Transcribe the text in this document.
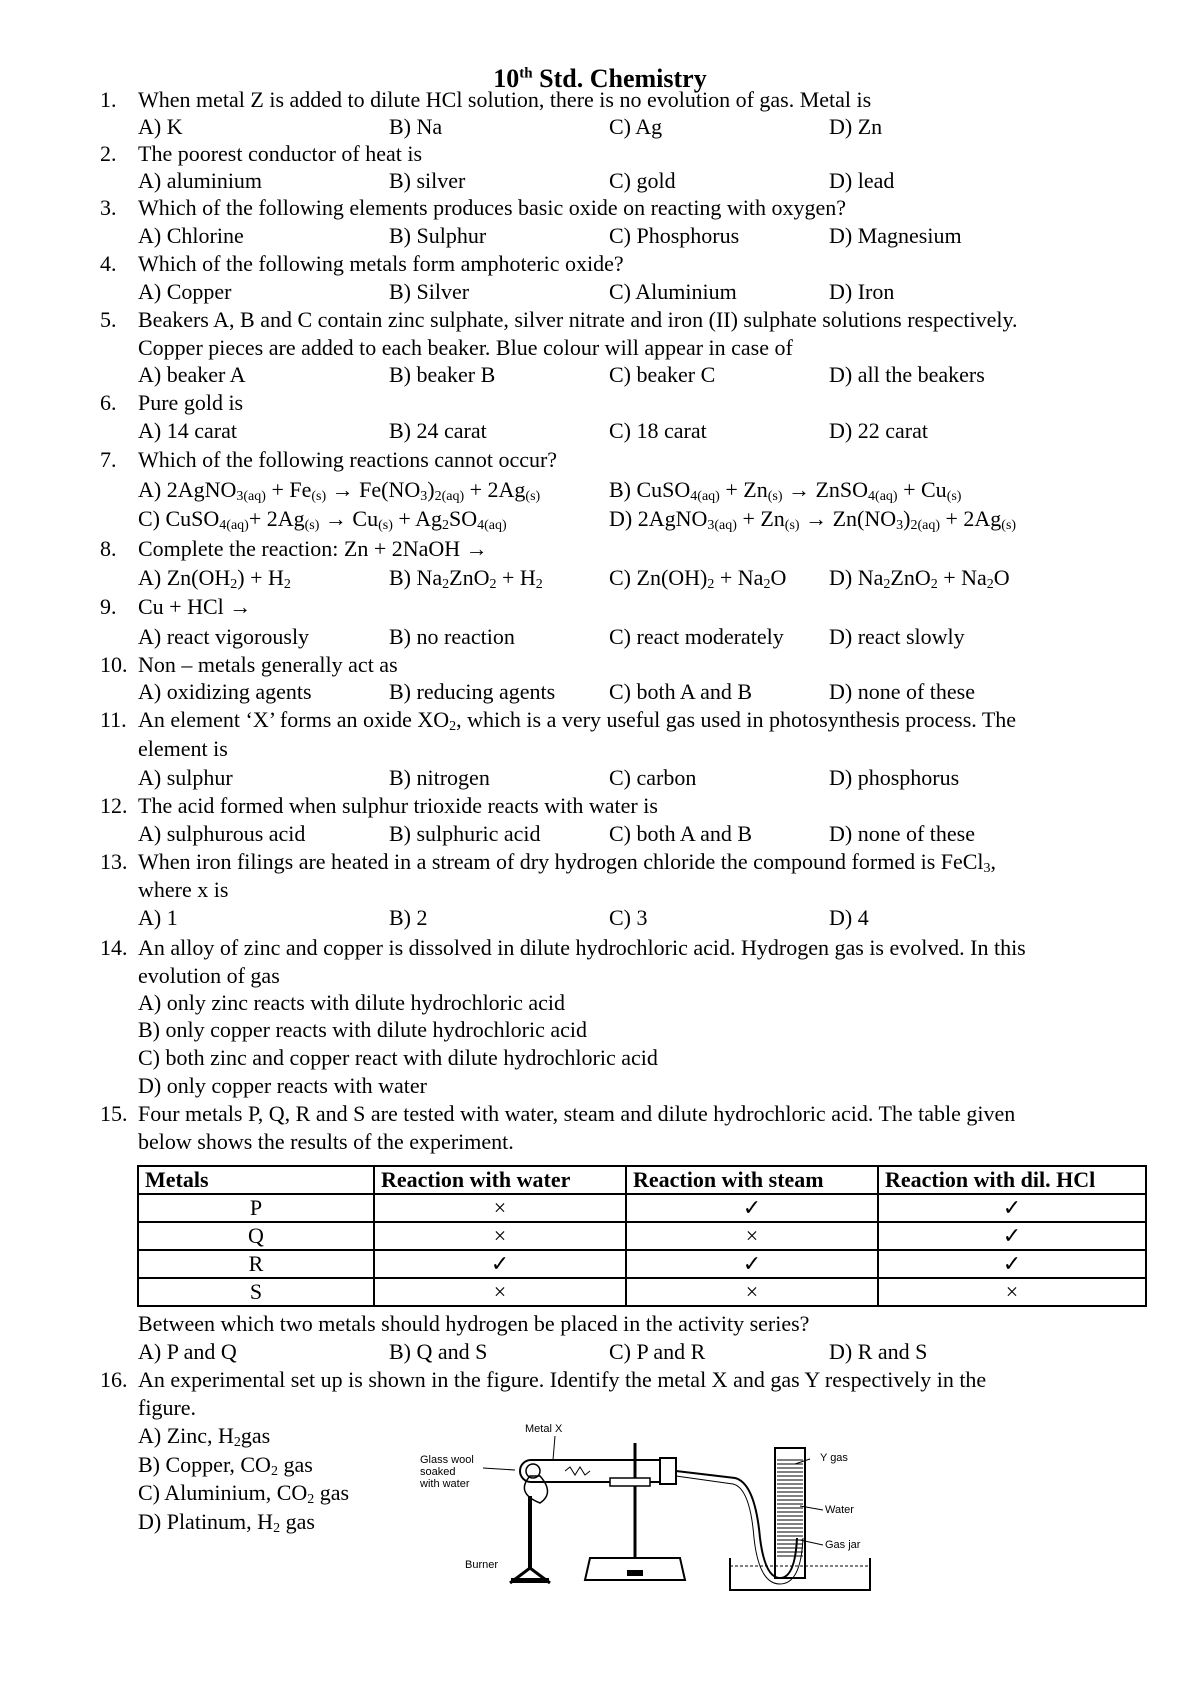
10th Std. Chemistry
1. When metal Z is added to dilute HCl solution, there is no evolution of gas. Metal is
A) K	B) Na	C) Ag	D) Zn
2. The poorest conductor of heat is
A) aluminium	B) silver	C) gold	D) lead
3. Which of the following elements produces basic oxide on reacting with oxygen?
A) Chlorine	B) Sulphur	C) Phosphorus	D) Magnesium
4. Which of the following metals form amphoteric oxide?
A) Copper	B) Silver	C) Aluminium	D) Iron
5. Beakers A, B and C contain zinc sulphate, silver nitrate and iron (II) sulphate solutions respectively.
Copper pieces are added to each beaker. Blue colour will appear in case of
A) beaker A	B) beaker B	C) beaker C	D) all the beakers
6. Pure gold is
A) 14 carat	B) 24 carat	C) 18 carat	D) 22 carat
7. Which of the following reactions cannot occur?
A) 2AgNO$_{3(aq)}$ + $Fe_{(s)} \to Fe(NO_3)_{2(aq)} + 2Ag_{(s)}$	B) CuSO$_{4(aq)}$ + $Zn_{(s)}$ → ZnSO$_{4(aq)}$ + $Cu_{(s)}$
C) CuSO$_{4(aq)}$+ $2Ag_{(s)} \to Cu_{(s)} + Ag_2SO_{4(aq)}$	D) 2AgNO$_{3(aq)}$ + $Zn_{(s)} \to Zn(NO_3)_{2(aq)} + 2Ag_{(s)}$
8. Complete the reaction: Zn + 2NaOH →
A) $Zn(OH_2) + H_2$	B) $Na_2ZnO_2 + H_2$	C) $Zn(OH)_2 + Na_2O$ D) $Na_2ZnO_2 + Na_2O$
9. Cu + HCl →
A) react vigorously	B) no reaction	C) react moderately D) react slowly
10. Non – metals generally act as
A) oxidizing agents	B) reducing agents C) both A and B	D) none of these
11. An element ‘X’ forms an oxide $XO_2$, which is a very useful gas used in photosynthesis process. The
element is
A) sulphur	B) nitrogen	C) carbon	D) phosphorus
12. The acid formed when sulphur trioxide reacts with water is
A) sulphurous acid	B) sulphuric acid	C) both A and B	D) none of these
13. When iron filings are heated in a stream of dry hydrogen chloride the compound formed is FeCl$_3$,
where x is
A) 1	B) 2	C) 3	D) 4
14. An alloy of zinc and copper is dissolved in dilute hydrochloric acid. Hydrogen gas is evolved. In this
evolution of gas
A) only zinc reacts with dilute hydrochloric acid
B) only copper reacts with dilute hydrochloric acid
C) both zinc and copper react with dilute hydrochloric acid
D) only copper reacts with water
15. Four metals P, Q, R and S are tested with water, steam and dilute hydrochloric acid. The table given
below shows the results of the experiment.
Metals	Reaction with water	Reaction with steam	Reaction with dil. HCl
P	×	✓	✓
Q	×	×	✓
R	✓	✓	✓
S	×	×	×
Between which two metals should hydrogen be placed in the activity series?
A) P and Q	B) Q and S	C) P and R	D) R and S
16. An experimental set up is shown in the figure. Identify the metal X and gas Y respectively in the
figure.
A) Zinc, $H_2gas$
B) Copper, $CO_2$ gas
C) Aluminium, $CO_2$ gas
D) Platinum, $H_2$ gas
Metal X
Glass wool
soaked
with water
Burner
Y gas
Water
Gas jar
